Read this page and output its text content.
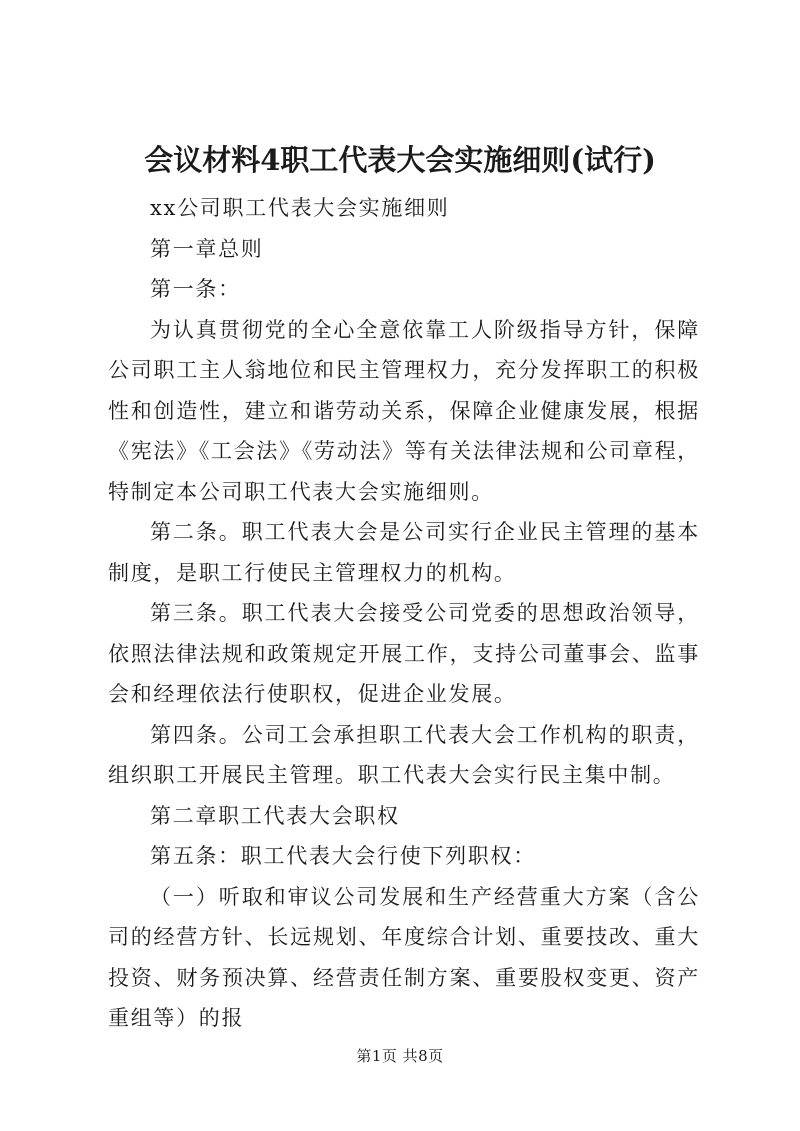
会议材料4职工代表大会实施细则(试行)

xx公司职工代表大会实施细则

第一章总则

第一条：

为认真贯彻党的全心全意依靠工人阶级指导方针，保障公司职工主人翁地位和民主管理权力，充分发挥职工的积极性和创造性，建立和谐劳动关系，保障企业健康发展，根据《宪法》《工会法》《劳动法》等有关法律法规和公司章程，特制定本公司职工代表大会实施细则。

第二条。职工代表大会是公司实行企业民主管理的基本制度，是职工行使民主管理权力的机构。

第三条。职工代表大会接受公司党委的思想政治领导，依照法律法规和政策规定开展工作，支持公司董事会、监事会和经理依法行使职权，促进企业发展。

第四条。公司工会承担职工代表大会工作机构的职责，组织职工开展民主管理。职工代表大会实行民主集中制。

第二章职工代表大会职权

第五条：职工代表大会行使下列职权：

（一）听取和审议公司发展和生产经营重大方案（含公司的经营方针、长远规划、年度综合计划、重要技改、重大投资、财务预决算、经营责任制方案、重要股权变更、资产重组等）的报

第1页 共8页
